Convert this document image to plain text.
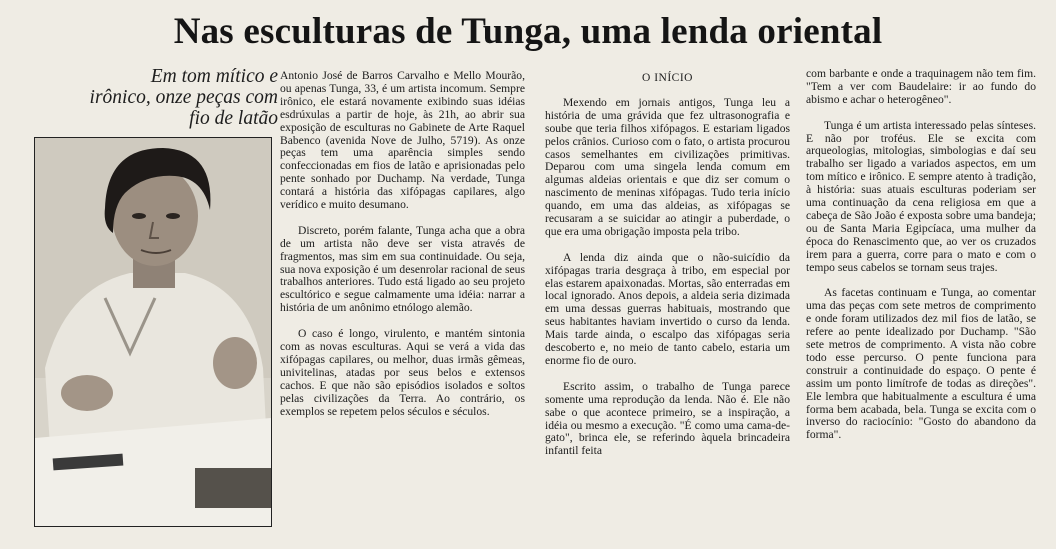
Nas esculturas de Tunga, uma lenda oriental
Em tom mítico e irônico, onze peças com fio de latão

Antonio José de Barros Carvalho e Mello Mourão, ou apenas Tunga, 33, é um artista incomum. Sempre irônico, ele estará novamente exibindo suas idéias esdrúxulas a partir de hoje, às 21h, ao abrir sua exposição de esculturas no Gabinete de Arte Raquel Babenco (avenida Nove de Julho, 5719). As onze peças tem uma aparência simples sendo confeccionadas em fios de latão e aprisionadas pelo pente sonhado por Duchamp. Na verdade, Tunga contará a história das xifópagas capilares, algo verídico e muito desumano.

Discreto, porém falante, Tunga acha que a obra de um artista não deve ser vista através de fragmentos, mas sim em sua continuidade. Ou seja, sua nova exposição é um desenrolar racional de seus trabalhos anteriores. Tudo está ligado ao seu projeto escultórico e segue calmamente uma idéia: narrar a história de um anônimo etnólogo alemão.

O caso é longo, virulento, e mantém sintonia com as novas esculturas. Aqui se verá a vida das xifópagas capilares, ou melhor, duas irmãs gêmeas, univitelinas, atadas por seus belos e extensos cachos. E que não são episódios isolados e soltos pelas civilizações da Terra. Ao contrário, os exemplos se repetem pelos séculos e séculos.

O INÍCIO

Mexendo em jornais antigos, Tunga leu a história de uma grávida que fez ultrasonografia e soube que teria filhos xifópagos. E estariam ligados pelos crânios. Curioso com o fato, o artista procurou casos semelhantes em civilizações primitivas. Deparou com uma singela lenda comum em algumas aldeias orientais e que diz ser comum o nascimento de meninas xifópagas. Tudo teria início quando, em uma das aldeias, as xifópagas se recusaram a se suicidar ao atingir a puberdade, o que era uma obrigação imposta pela tribo.

A lenda diz ainda que o não-suicídio da xifópagas traria desgraça à tribo, em especial por elas estarem apaixonadas. Mortas, são enterradas em local ignorado. Anos depois, a aldeia seria dizimada em uma dessas guerras habituais, mostrando que seus habitantes haviam invertido o curso da lenda. Mais tarde ainda, o escalpo das xifópagas seria descoberto e, no meio de tanto cabelo, estaria um enorme fio de ouro.

Escrito assim, o trabalho de Tunga parece somente uma reprodução da lenda. Não é. Ele não sabe o que acontece primeiro, se a inspiração, a idéia ou mesmo a execução. "É como uma cama-de-gato", brinca ele, se referindo àquela brincadeira infantil feita

com barbante e onde a traquinagem não tem fim. "Tem a ver com Baudelaire: ir ao fundo do abismo e achar o heterogêneo".

Tunga é um artista interessado pelas sínteses. E não por troféus. Ele se excita com arqueologias, mitologias, simbologias e daí seu trabalho ser ligado a variados aspectos, em um tom mítico e irônico. E sempre atento à tradição, à história: suas atuais esculturas poderiam ser uma continuação da cena religiosa em que a cabeça de São João é exposta sobre uma bandeja; ou de Santa Maria Egipcíaca, uma mulher da época do Renascimento que, ao ver os cruzados irem para a guerra, corre para o mato e com o tempo seus cabelos se tornam seus trajes.

As facetas continuam e Tunga, ao comentar uma das peças com sete metros de comprimento e onde foram utilizados dez mil fios de latão, se refere ao pente idealizado por Duchamp. "São sete metros de comprimento. A vista não cobre todo esse percurso. O pente funciona para construir a continuidade do espaço. O pente é assim um ponto limítrofe de todas as direções". Ele lembra que habitualmente a escultura é uma forma bem acabada, bela. Tunga se excita com o inverso do raciocínio: "Gosto do abandono da forma".
